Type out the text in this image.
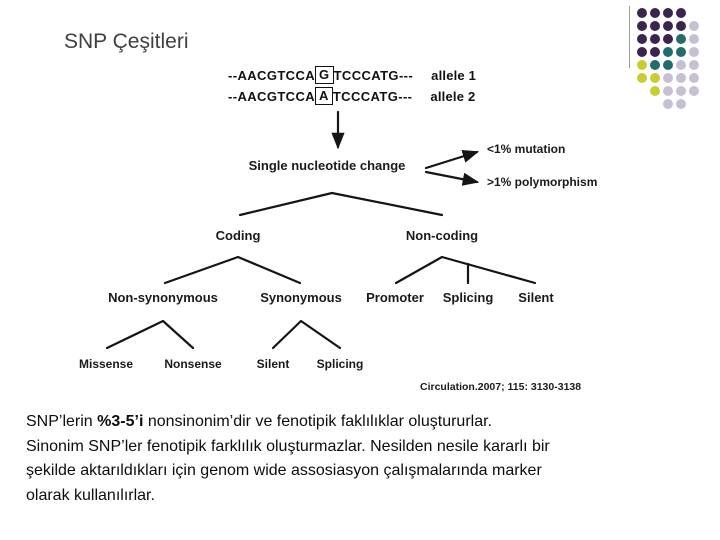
SNP Çeşitleri
--AACGTCCA G TCCCATG--- allele 1
--AACGTCCA A TCCCATG--- allele 2
Single nucleotide change
<1% mutation
>1% polymorphism
Coding	Non-coding
Non-synonymous	Synonymous Promoter Splicing Silent
Missense	Nonsense	Silent Splicing
Circulation.2007; 115: 3130-3138
SNP’lerin %3-5’i nonsinonim’dir ve fenotipik faklılıklar oluştururlar.
Sinonim SNP’ler fenotipik farklılık oluşturmazlar. Nesilden nesile kararlı bir
şekilde aktarıldıkları için genom wide assosiasyon çalışmalarında marker
olarak kullanılırlar.
